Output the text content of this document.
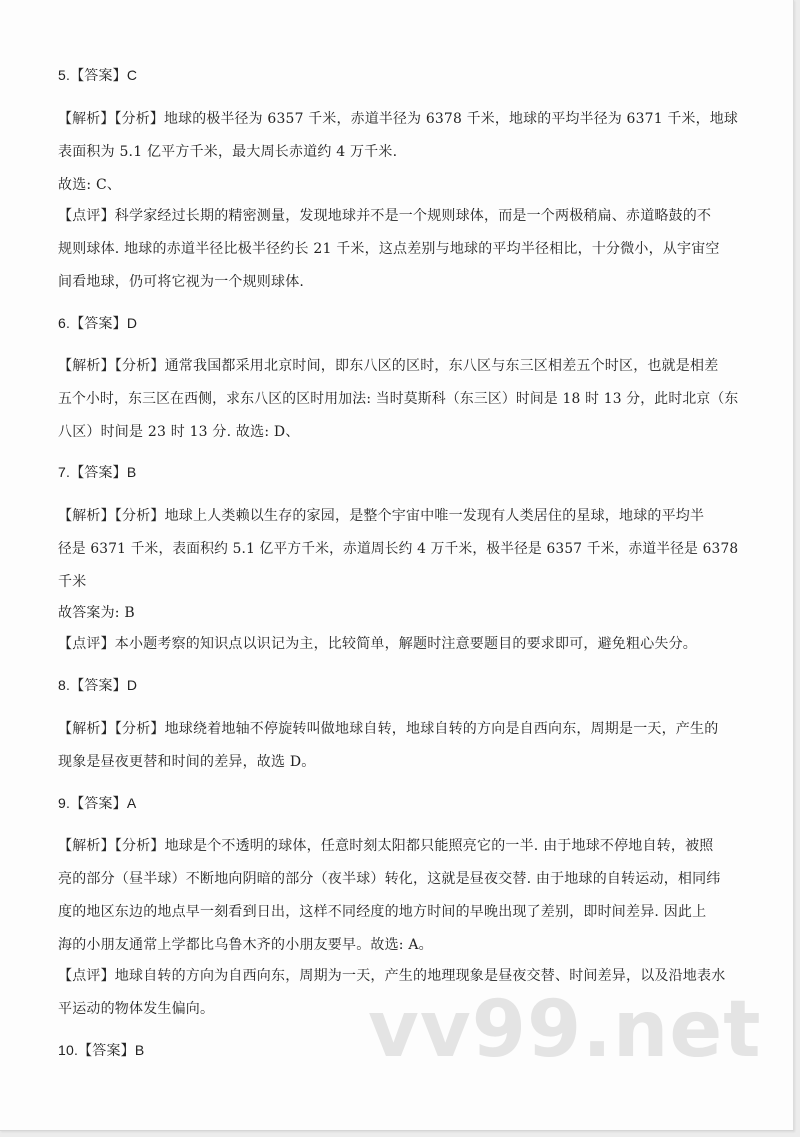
5.【答案】C
【解析】【分析】地球的极半径为 6357 千米，赤道半径为 6378 千米，地球的平均半径为 6371 千米，地球
表面积为 5.1 亿平方千米，最大周长赤道约 4 万千米.
故选: C、
【点评】科学家经过长期的精密测量，发现地球并不是一个规则球体，而是一个两极稍扁、赤道略鼓的不
规则球体. 地球的赤道半径比极半径约长 21 千米，这点差别与地球的平均半径相比，十分微小，从宇宙空
间看地球，仍可将它视为一个规则球体.
6.【答案】D
【解析】【分析】通常我国都采用北京时间，即东八区的区时，东八区与东三区相差五个时区，也就是相差
五个小时，东三区在西侧，求东八区的区时用加法: 当时莫斯科（东三区）时间是 18 时 13 分，此时北京（东
八区）时间是 23 时 13 分. 故选: D、
7.【答案】B
【解析】【分析】地球上人类赖以生存的家园，是整个宇宙中唯一发现有人类居住的星球，地球的平均半
径是 6371 千米，表面积约 5.1 亿平方千米，赤道周长约 4 万千米，极半径是 6357 千米，赤道半径是 6378
千米
故答案为: B
【点评】本小题考察的知识点以识记为主，比较简单，解题时注意要题目的要求即可，避免粗心失分。
8.【答案】D
【解析】【分析】地球绕着地轴不停旋转叫做地球自转，地球自转的方向是自西向东，周期是一天，产生的
现象是昼夜更替和时间的差异，故选 D。
9.【答案】A
【解析】【分析】地球是个不透明的球体，任意时刻太阳都只能照亮它的一半. 由于地球不停地自转，被照
亮的部分（昼半球）不断地向阴暗的部分（夜半球）转化，这就是昼夜交替. 由于地球的自转运动，相同纬
度的地区东边的地点早一刻看到日出，这样不同经度的地方时间的早晚出现了差别，即时间差异. 因此上
海的小朋友通常上学都比乌鲁木齐的小朋友要早。故选: A。
【点评】地球自转的方向为自西向东，周期为一天，产生的地理现象是昼夜交替、时间差异，以及沿地表水
平运动的物体发生偏向。
10.【答案】B	vv99.net
